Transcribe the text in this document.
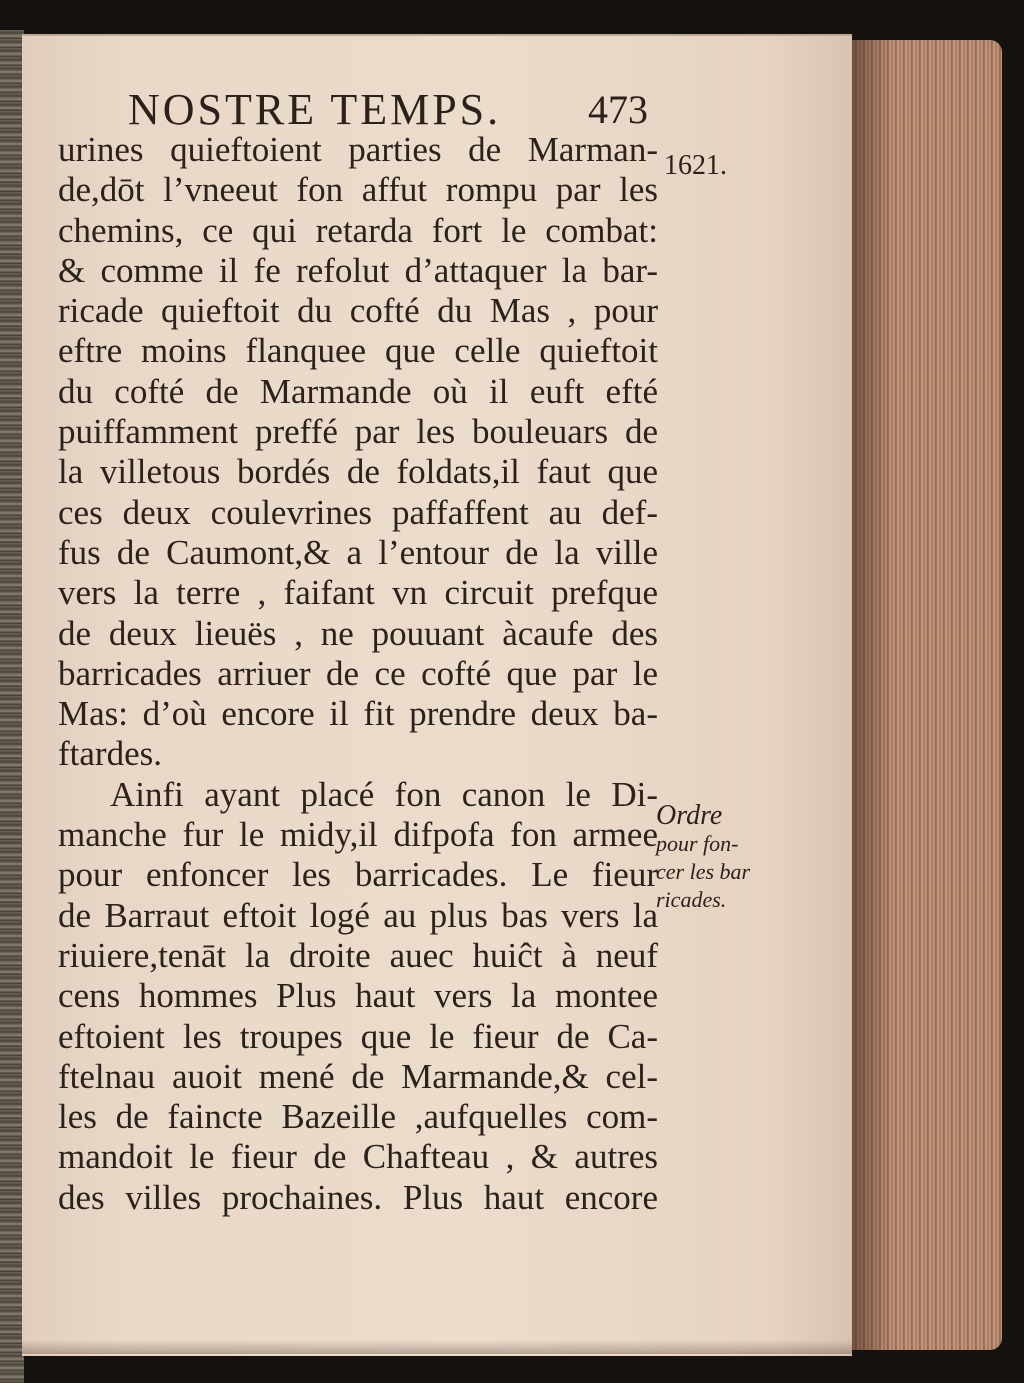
NOSTRE TEMPS. 473
1621.
urines quieftoient parties de Marman-
de,dōt l’vneeut fon affut rompu par les
chemins, ce qui retarda fort le combat:
& comme il fe refolut d’attaquer la bar-
ricade quieftoit du cofté du Mas , pour
eftre moins flanquee que celle quieftoit
du cofté de Marmande où il euft efté
puiffamment preffé par les bouleuars de
la villetous bordés de foldats,il faut que
ces deux coulevrines paffaffent au def-
fus de Caumont,& a l’entour de la ville
vers la terre , faifant vn circuit prefque
de deux lieuës , ne pouuant àcaufe des
barricades arriuer de ce cofté que par le
Mas: d’où encore il fit prendre deux ba-
ftardes.
Ainfi ayant placé fon canon le Di-
manche fur le midy,il difpofa fon armee
pour enfoncer les barricades. Le fieur
de Barraut eftoit logé au plus bas vers la
riuiere,tenāt la droite auec huiĉt à neuf
cens hommes Plus haut vers la montee
eftoient les troupes que le fieur de Ca-
ftelnau auoit mené de Marmande,& cel-
les de faincte Bazeille ,aufquelles com-
mandoit le fieur de Chafteau , & autres
des villes prochaines. Plus haut encore
Ordre
pour fon-
cer les bar
ricades.
